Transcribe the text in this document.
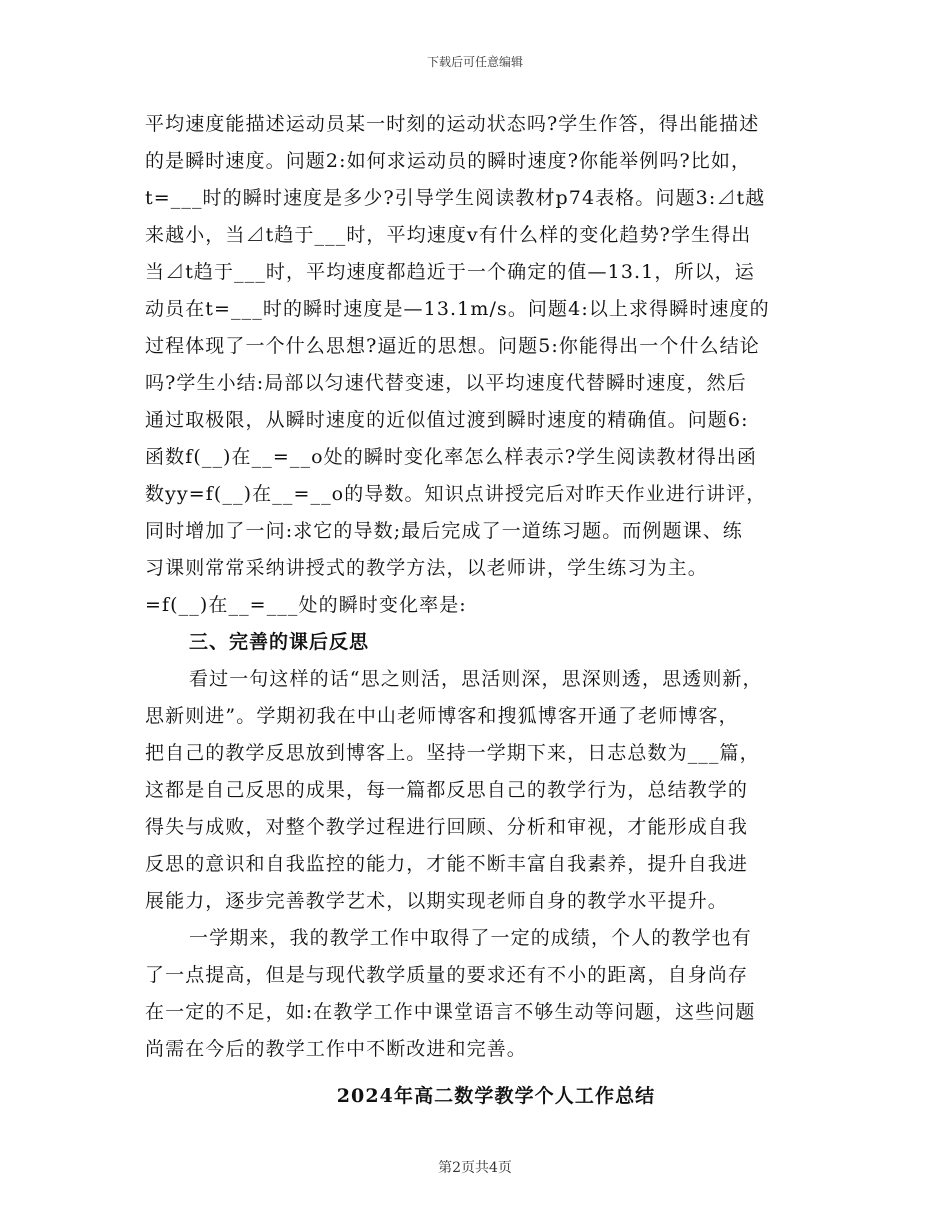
下载后可任意编辑
平均速度能描述运动员某一时刻的运动状态吗?学生作答，得出能描述
的是瞬时速度。问题2:如何求运动员的瞬时速度?你能举例吗?比如，
t=___时的瞬时速度是多少?引导学生阅读教材p74表格。问题3:⊿t越
来越小，当⊿t趋于___时，平均速度v有什么样的变化趋势?学生得出
当⊿t趋于___时，平均速度都趋近于一个确定的值—13.1，所以，运
动员在t=___时的瞬时速度是—13.1m/s。问题4:以上求得瞬时速度的
过程体现了一个什么思想?逼近的思想。问题5:你能得出一个什么结论
吗?学生小结:局部以匀速代替变速，以平均速度代替瞬时速度，然后
通过取极限，从瞬时速度的近似值过渡到瞬时速度的精确值。问题6:
函数f(__)在__=__o处的瞬时变化率怎么样表示?学生阅读教材得出函
数yy=f(__)在__=__o的导数。知识点讲授完后对昨天作业进行讲评，
同时增加了一问:求它的导数;最后完成了一道练习题。而例题课、练
习课则常常采纳讲授式的教学方法，以老师讲，学生练习为主。
=f(__)在__=___处的瞬时变化率是:
三、完善的课后反思
看过一句这样的话“思之则活，思活则深，思深则透，思透则新，
思新则进”。学期初我在中山老师博客和搜狐博客开通了老师博客，
把自己的教学反思放到博客上。坚持一学期下来，日志总数为___篇，
这都是自己反思的成果，每一篇都反思自己的教学行为，总结教学的
得失与成败，对整个教学过程进行回顾、分析和审视，才能形成自我
反思的意识和自我监控的能力，才能不断丰富自我素养，提升自我进
展能力，逐步完善教学艺术，以期实现老师自身的教学水平提升。
一学期来，我的教学工作中取得了一定的成绩，个人的教学也有
了一点提高，但是与现代教学质量的要求还有不小的距离，自身尚存
在一定的不足，如:在教学工作中课堂语言不够生动等问题，这些问题
尚需在今后的教学工作中不断改进和完善。
2024年高二数学教学个人工作总结
第2页共4页
